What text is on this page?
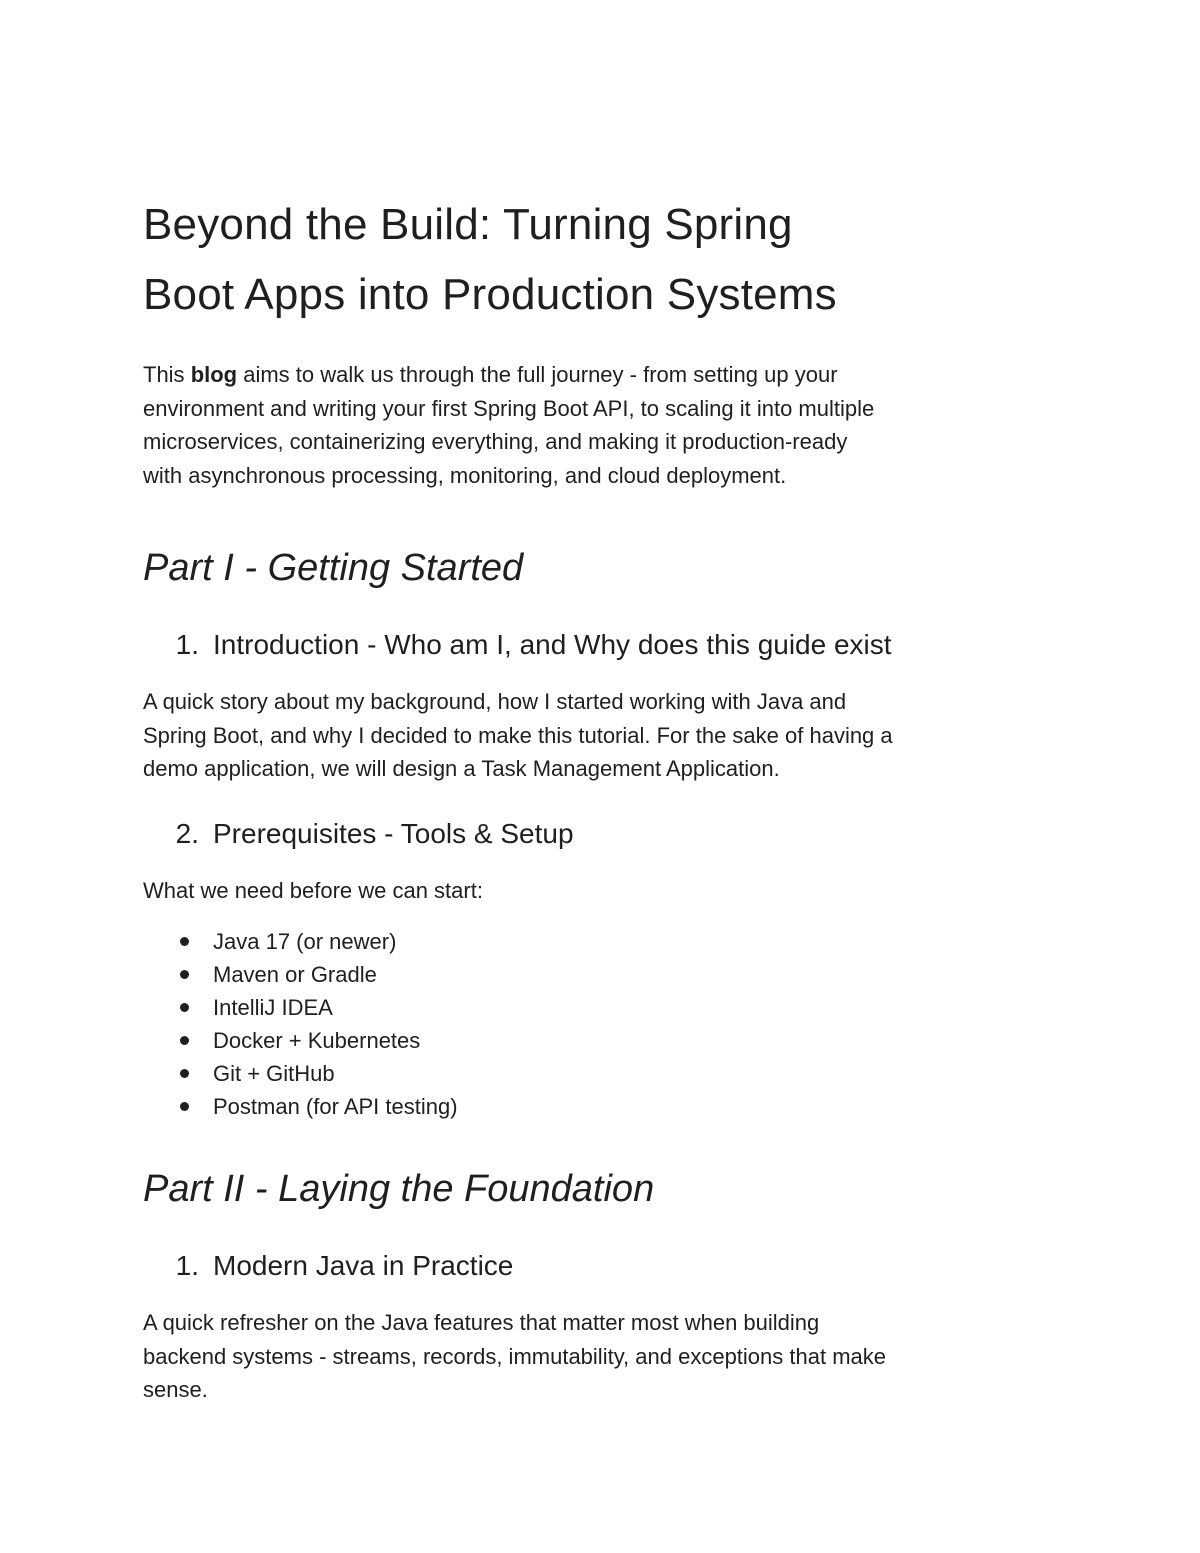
Beyond the Build: Turning Spring
Boot Apps into Production Systems
This blog aims to walk us through the full journey - from setting up your
environment and writing your first Spring Boot API, to scaling it into multiple
microservices, containerizing everything, and making it production-ready
with asynchronous processing, monitoring, and cloud deployment.
Part I - Getting Started
1. Introduction - Who am I, and Why does this guide exist
A quick story about my background, how I started working with Java and
Spring Boot, and why I decided to make this tutorial. For the sake of having a
demo application, we will design a Task Management Application.
2. Prerequisites - Tools & Setup
What we need before we can start:
Java 17 (or newer)
Maven or Gradle
IntelliJ IDEA
Docker + Kubernetes
Git + GitHub
Postman (for API testing)
Part II - Laying the Foundation
1. Modern Java in Practice
A quick refresher on the Java features that matter most when building
backend systems - streams, records, immutability, and exceptions that make
sense.
